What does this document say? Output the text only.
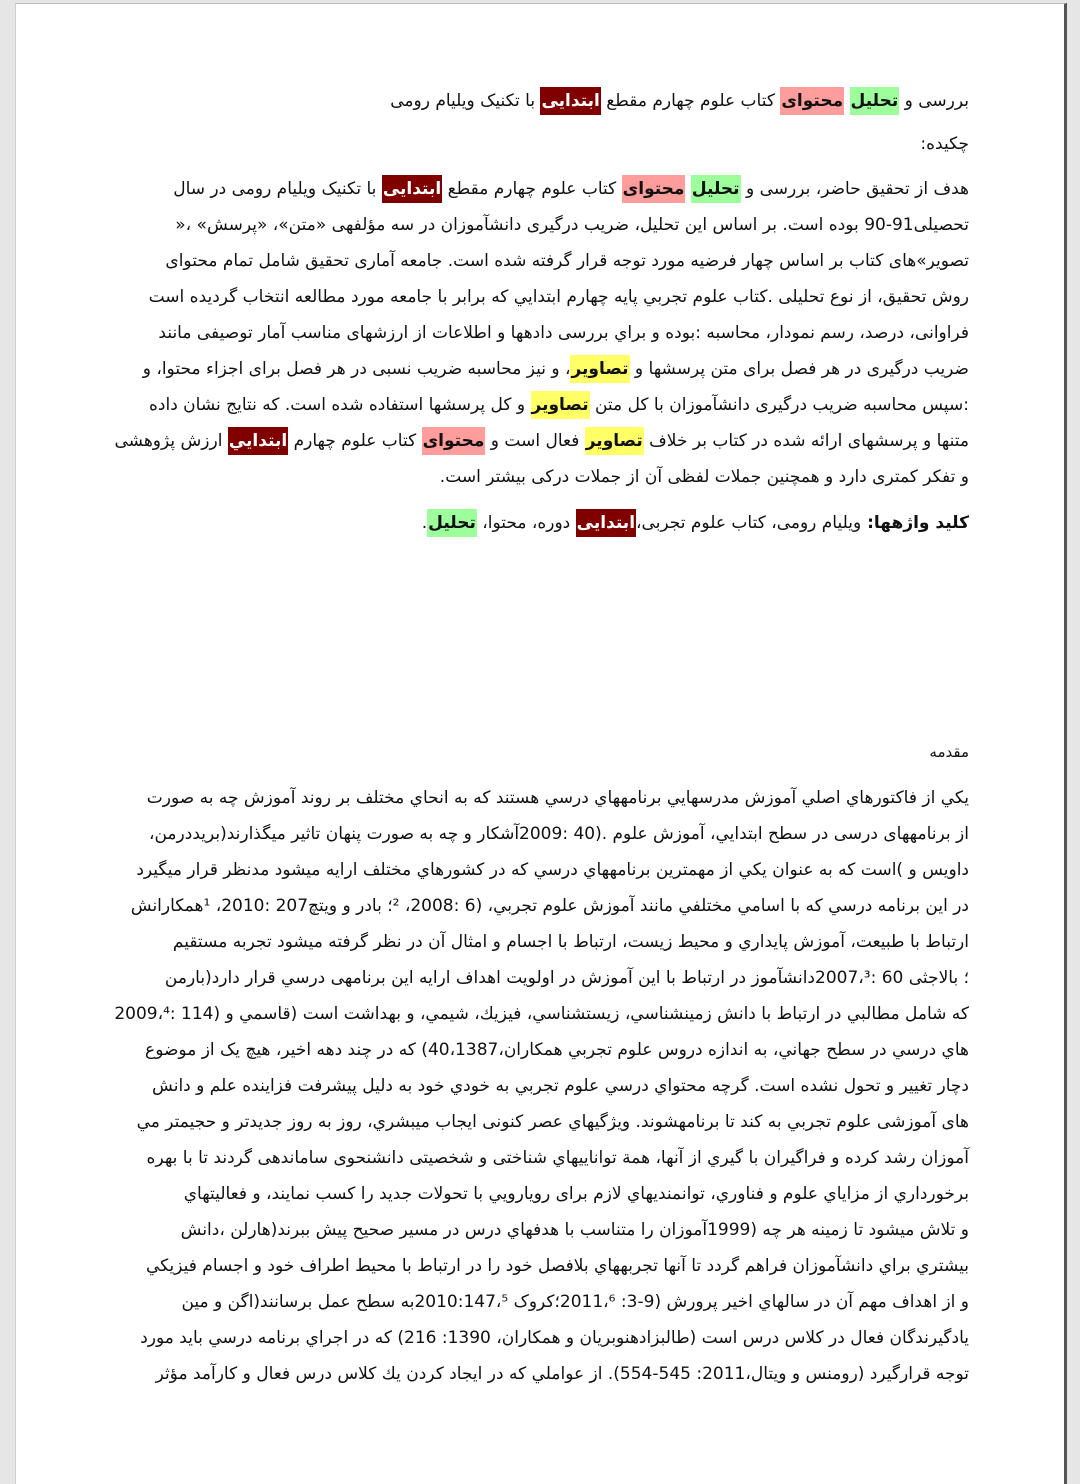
بررسی و تحلیل محتوای کتاب علوم چهارم مقطع ابتدایی با تکنیک ویلیام رومی
چکیده:
هدف از تحقیق حاضر، بررسی و تحلیل محتوای کتاب علوم چهارم مقطع ابتدایی با تکنیک ویلیام رومی در سال
تحصیلی91-90 بوده است. بر اساس این تحلیل، ضریب درگیری دانشآموزان در سه مؤلفهی «متن»، «پرسش» ،«
تصویر»های کتاب بر اساس چهار فرضیه مورد توجه قرار گرفته شده است. جامعه آماری تحقیق شامل تمام محتوای
روش تحقیق، از نوع تحلیلی .کتاب علوم تجربي پایه چهارم ابتدايي که برابر با جامعه مورد مطالعه انتخاب گردیده است
فراوانی، درصد، رسم نمودار، محاسبه :بوده و براي بررسی دادهها و اطلاعات از ارزشهای مناسب آمار توصیفی مانند
ضریب درگیری در هر فصل برای متن پرسشها و تصاویر، و نیز محاسبه ضریب نسبی در هر فصل برای اجزاء محتوا، و
:سپس محاسبه ضریب درگیری دانشآموزان با کل متن تصاویر و کل پرسشها استفاده شده است. که نتایج نشان داده
متنها و پرسشهای ارائه شده در کتاب بر خلاف تصاویر فعال است و محتوای کتاب علوم چهارم ابتدايي ارزش پژوهشی
و تفکر کمتری دارد و همچنین جملات لفظی آن از جملات درکی بیشتر است.
کلید واژهها: ویلیام رومی، کتاب علوم تجربی،ابتدایی دوره، محتوا، تحلیل.
مقدمه
يكي از فاكتورهاي اصلي آموزش مدرسهايي برنامههاي درسي هستند كه به انحاي مختلف بر روند آموزش چه به صورت
از برنامههای درسی در سطح ابتدايي، آموزش علوم .(40 :2009آشکار و چه به صورت پنهان تاثير ميگذارند(بريددرمن،
داويس و )است كه به عنوان يكي از مهمترين برنامههاي درسي كه در كشورهاي مختلف ارايه ميشود مدنظر قرار ميگيرد
در اين برنامه درسي كه با اسامي مختلفي مانند آموزش علوم تجربي، (6 :2008، ²؛ بادر و ويتچ207 :2010، ¹همكارانش
ارتباط با طبيعت، آموزش پايداري و محيط زيست، ارتباط با اجسام و امثال آن در نظر گرفته ميشود تجربه مستقيم
؛ بالاجثی 60 :2007،³دانشآموز در ارتباط با اين آموزش در اولويت اهداف ارايه اين برنامهی درسي قرار دارد(بارمن
كه شامل مطالبي در ارتباط با دانش زمينشناسي، زيستشناسي، فيزيك، شيمي، و بهداشت است (قاسمي و (114 :2009،⁴
هاي درسي در سطح جهاني، به اندازه دروس علوم تجربي همكاران،40،1387) كه در چند دهه اخير، هيچ يک از موضوع
دچار تغيير و تحول نشده است. گرچه محتواي درسي علوم تجربي به خودي خود به دليل پيشرفت فزاينده علم و دانش
هاى آموزشى علوم تجربي به كند تا برنامهشوند. ويژگيهاي عصر كنونى ايجاب ميبشري، روز به روز جديدتر و حجيمتر مي
آموزان رشد كرده و فراگيران با گيري از آنها، همة تواناييهاي شناختى و شخصيتى دانشنحوى ساماندهى گردند تا با بهره
برخورداري از مزاياي علوم و فناوري، توانمنديهاي لازم براى رويارويي با تحولات جديد را كسب نمايند، و فعاليتهاي
و تلاش ميشود تا زمينه هر چه (1999آموزان را متناسب با هدفهاي درس در مسير صحيح پيش ببرند(هارلن ،دانش
بيشتري براي دانشآموزان فراهم گردد تا آنها تجربههاي بلافصل خود را در ارتباط با محيط اطراف خود و اجسام فيزيكي
و از اهداف مهم آن در سالهاي اخير پرورش (9-3: 2011،⁶؛كروک 2010:147،⁵به سطح عمل برسانند(اگن و مين
يادگيرندگان فعال در كلاس درس است (طالبزادهنوبريان و همكاران، 1390: 216) كه در اجراي برنامه درسي بايد مورد
توجه قرارگيرد (رومنس و ويتال،2011: 545-554). از عواملي كه در ايجاد كردن يك كلاس درس فعال و كارآمد مؤثر
